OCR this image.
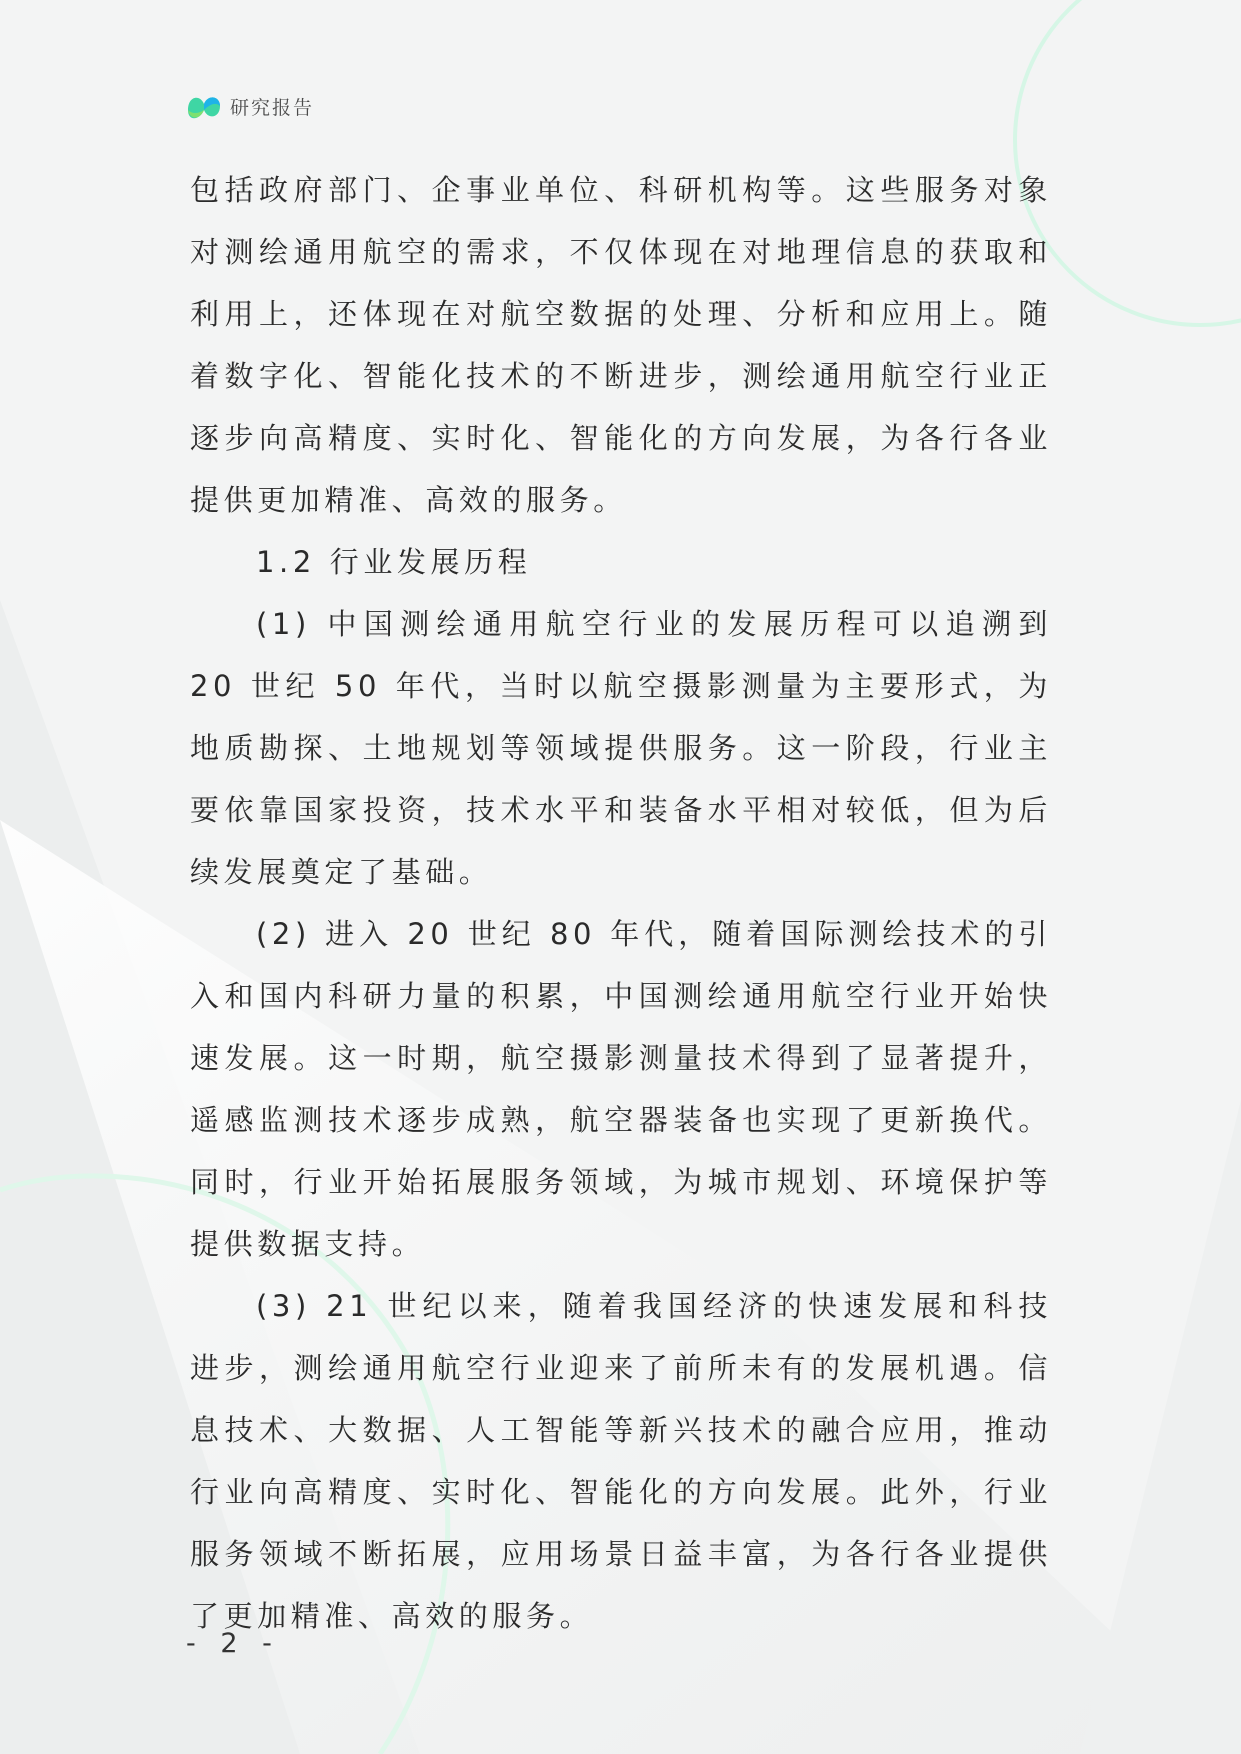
研究报告

包括政府部门、企事业单位、科研机构等。这些服务对象对测绘通用航空的需求，不仅体现在对地理信息的获取和利用上，还体现在对航空数据的处理、分析和应用上。随着数字化、智能化技术的不断进步，测绘通用航空行业正逐步向高精度、实时化、智能化的方向发展，为各行各业提供更加精准、高效的服务。

1.2 行业发展历程

(1) 中国测绘通用航空行业的发展历程可以追溯到 20 世纪 50 年代，当时以航空摄影测量为主要形式，为地质勘探、土地规划等领域提供服务。这一阶段，行业主要依靠国家投资，技术水平和装备水平相对较低，但为后续发展奠定了基础。

(2) 进入 20 世纪 80 年代，随着国际测绘技术的引入和国内科研力量的积累，中国测绘通用航空行业开始快速发展。这一时期，航空摄影测量技术得到了显著提升，遥感监测技术逐步成熟，航空器装备也实现了更新换代。同时，行业开始拓展服务领域，为城市规划、环境保护等提供数据支持。

(3) 21 世纪以来，随着我国经济的快速发展和科技进步，测绘通用航空行业迎来了前所未有的发展机遇。信息技术、大数据、人工智能等新兴技术的融合应用，推动行业向高精度、实时化、智能化的方向发展。此外，行业服务领域不断拓展，应用场景日益丰富，为各行各业提供了更加精准、高效的服务。

- 2 -
